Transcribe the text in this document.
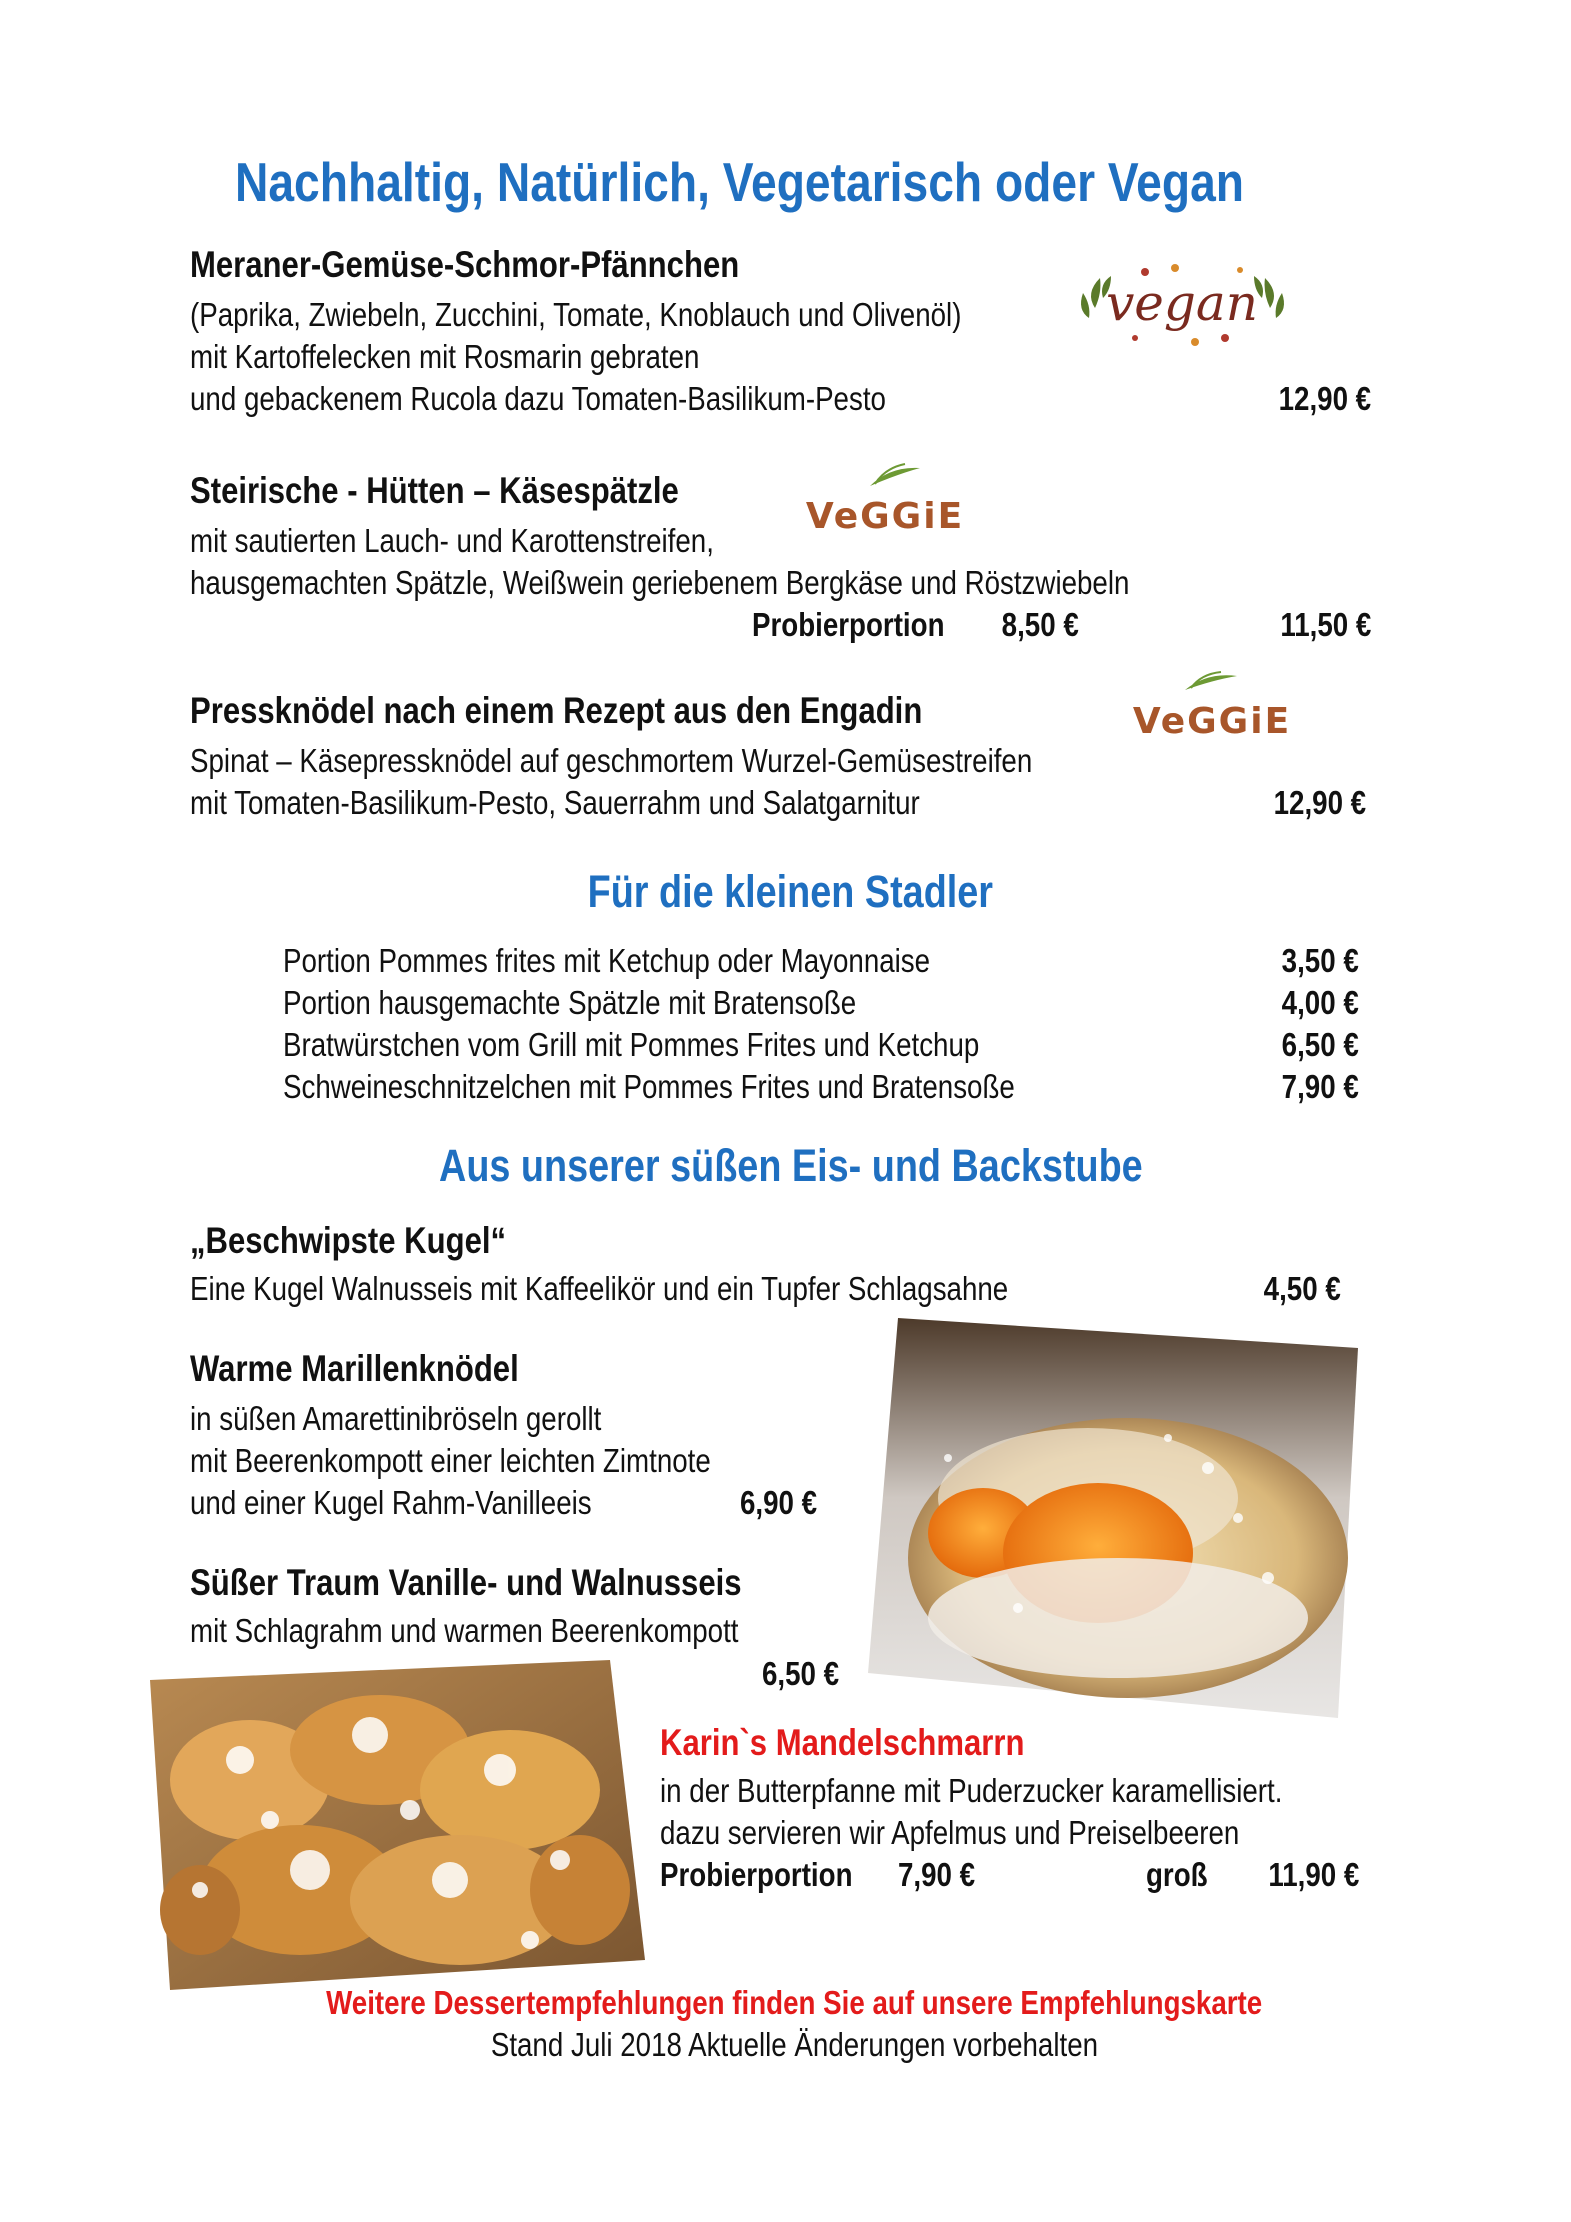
Nachhaltig, Natürlich, Vegetarisch oder Vegan
Meraner-Gemüse-Schmor-Pfännchen
(Paprika, Zwiebeln, Zucchini, Tomate, Knoblauch und Olivenöl)
mit Kartoffelecken mit Rosmarin gebraten
und gebackenem Rucola dazu Tomaten-Basilikum-Pesto	12,90 €
vegan
Steirische - Hütten – Käsespätzle
mit sautierten Lauch- und Karottenstreifen,
hausgemachten Spätzle, Weißwein geriebenem Bergkäse und Röstzwiebeln
Probierportion	8,50 €	11,50 €
VeGGiE
Pressknödel nach einem Rezept aus den Engadin
Spinat – Käsepressknödel auf geschmortem Wurzel-Gemüsestreifen
mit Tomaten-Basilikum-Pesto, Sauerrahm und Salatgarnitur	12,90 €
VeGGiE
Für die kleinen Stadler
Portion Pommes frites mit Ketchup oder Mayonnaise	3,50 €
Portion hausgemachte Spätzle mit Bratensoße	4,00 €
Bratwürstchen vom Grill mit Pommes Frites und Ketchup	6,50 €
Schweineschnitzelchen mit Pommes Frites und Bratensoße	7,90 €
Aus unserer süßen Eis- und Backstube
„Beschwipste Kugel“
Eine Kugel Walnusseis mit Kaffeelikör und ein Tupfer Schlagsahne	4,50 €
Warme Marillenknödel
in süßen Amarettinibröseln gerollt
mit Beerenkompott einer leichten Zimtnote
und einer Kugel Rahm-Vanilleeis	6,90 €
Süßer Traum Vanille- und Walnusseis
mit Schlagrahm und warmen Beerenkompott
6,50 €
Karin`s Mandelschmarrn
in der Butterpfanne mit Puderzucker karamellisiert.
dazu servieren wir Apfelmus und Preiselbeeren
Probierportion	7,90 €	groß	11,90 €
Weitere Dessertempfehlungen finden Sie auf unsere Empfehlungskarte
Stand Juli 2018 Aktuelle Änderungen vorbehalten
